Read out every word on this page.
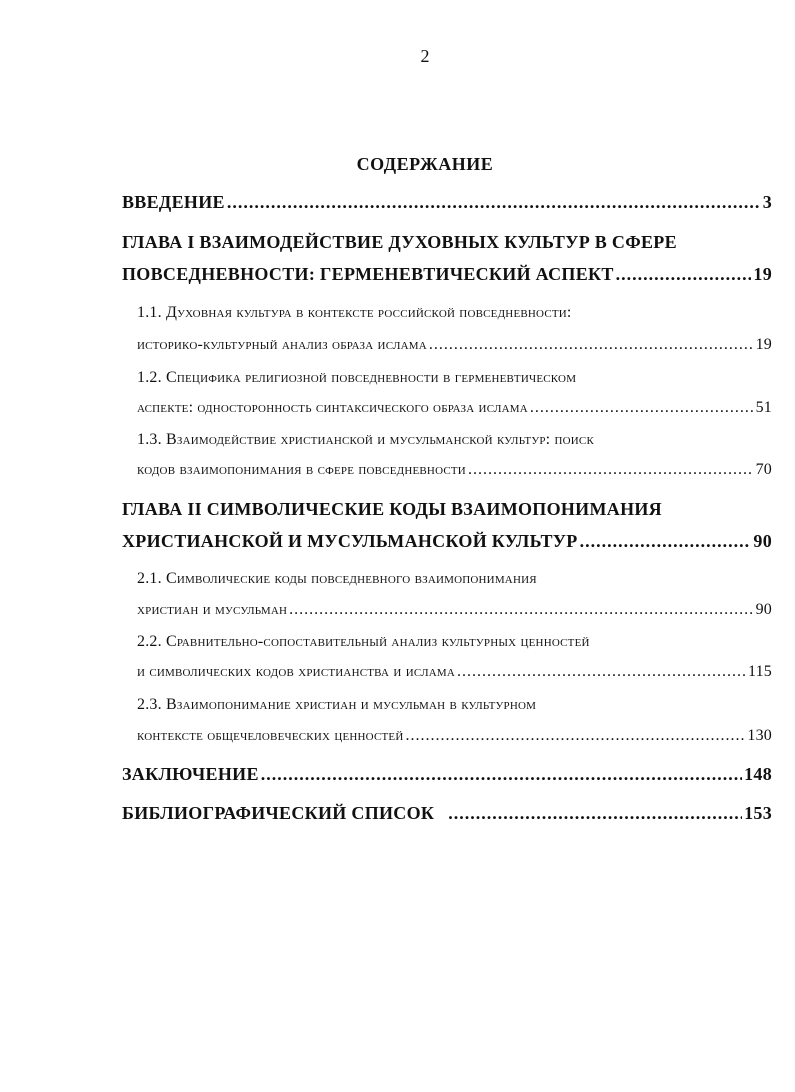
2
СОДЕРЖАНИЕ
ВВЕДЕНИЕ .....	3
ГЛАВА I ВЗАИМОДЕЙСТВИЕ ДУХОВНЫХ КУЛЬТУР В СФЕРЕ
ПОВСЕДНЕВНОСТИ: ГЕРМЕНЕВТИЧЕСКИЙ АСПЕКТ .....	19
1.1. Духовная культура в контексте российской повседневности:
историко-культурный анализ образа ислама .....	19
1.2. Специфика религиозной повседневности в герменевтическом
аспекте: односторонность синтаксического образа ислама .....	51
1.3. Взаимодействие христианской и мусульманской культур: поиск
кодов взаимопонимания в сфере повседневности .....	70
ГЛАВА II СИМВОЛИЧЕСКИЕ КОДЫ ВЗАИМОПОНИМАНИЯ
ХРИСТИАНСКОЙ И МУСУЛЬМАНСКОЙ КУЛЬТУР .....	90
2.1. Символические коды повседневного взаимопонимания
христиан и мусульман .....	90
2.2. Сравнительно-сопоставительный анализ культурных ценностей
и символических кодов христианства и ислама .....	115
2.3. Взаимопонимание христиан и мусульман в культурном
контексте общечеловеческих ценностей .....	130
ЗАКЛЮЧЕНИЕ .....	148
БИБЛИОГРАФИЧЕСКИЙ СПИСОК .....	153
